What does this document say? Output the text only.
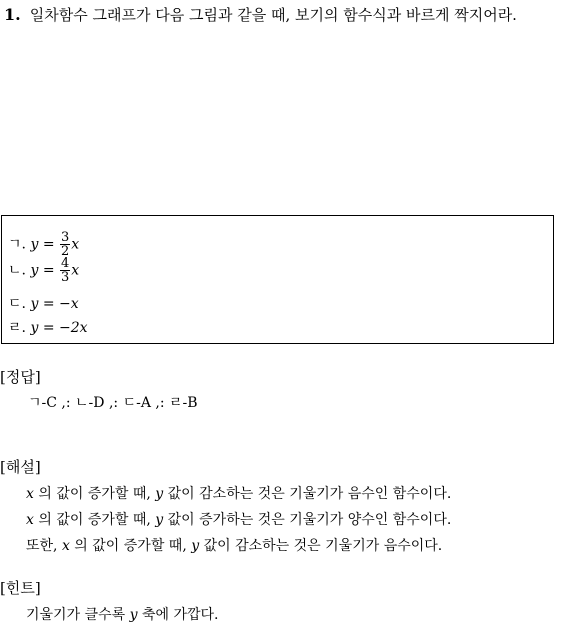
1. 일차함수 그래프가 다음 그림과 같을 때, 보기의 함수식과 바르게 짝지어라.
ㄱ. $y = \frac{3}{2}$ x
ㄴ. $y = \frac{4}{3}$ x
ㄷ. y = −x
ㄹ. y = −2x
[정답]
ㄱ-C ,: ㄴ-D ,: ㄷ-A ,: ㄹ-B
[해설]
x 의 값이 증가할 때, y 값이 감소하는 것은 기울기가 음수인 함수이다.
x 의 값이 증가할 때, y 값이 증가하는 것은 기울기가 양수인 함수이다.
또한, x 의 값이 증가할 때, y 값이 감소하는 것은 기울기가 음수이다.
[힌트]
기울기가 클수록 y 축에 가깝다.
